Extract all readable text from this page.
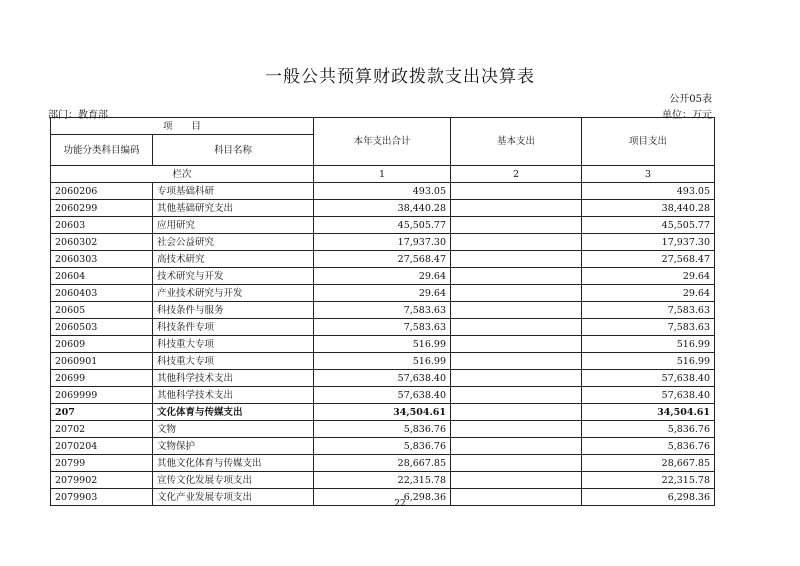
一般公共预算财政拨款支出决算表
公开05表
部门：教育部	单位：万元
项　　目		本年支出合计	基本支出	项目支出
功能分类科目编码	科目名称			
栏次		1	2	3
2060206	专项基础科研	493.05		493.05
2060299	其他基础研究支出	38,440.28		38,440.28
20603	应用研究	45,505.77		45,505.77
2060302	社会公益研究	17,937.30		17,937.30
2060303	高技术研究	27,568.47		27,568.47
20604	技术研究与开发	29.64		29.64
2060403	产业技术研究与开发	29.64		29.64
20605	科技条件与服务	7,583.63		7,583.63
2060503	科技条件专项	7,583.63		7,583.63
20609	科技重大专项	516.99		516.99
2060901	科技重大专项	516.99		516.99
20699	其他科学技术支出	57,638.40		57,638.40
2069999	其他科学技术支出	57,638.40		57,638.40
207	文化体育与传媒支出	34,504.61		34,504.61
20702	文物	5,836.76		5,836.76
2070204	文物保护	5,836.76		5,836.76
20799	其他文化体育与传媒支出	28,667.85		28,667.85
2079902	宣传文化发展专项支出	22,315.78		22,315.78
2079903	文化产业发展专项支出	6,298.36		6,298.36
22
